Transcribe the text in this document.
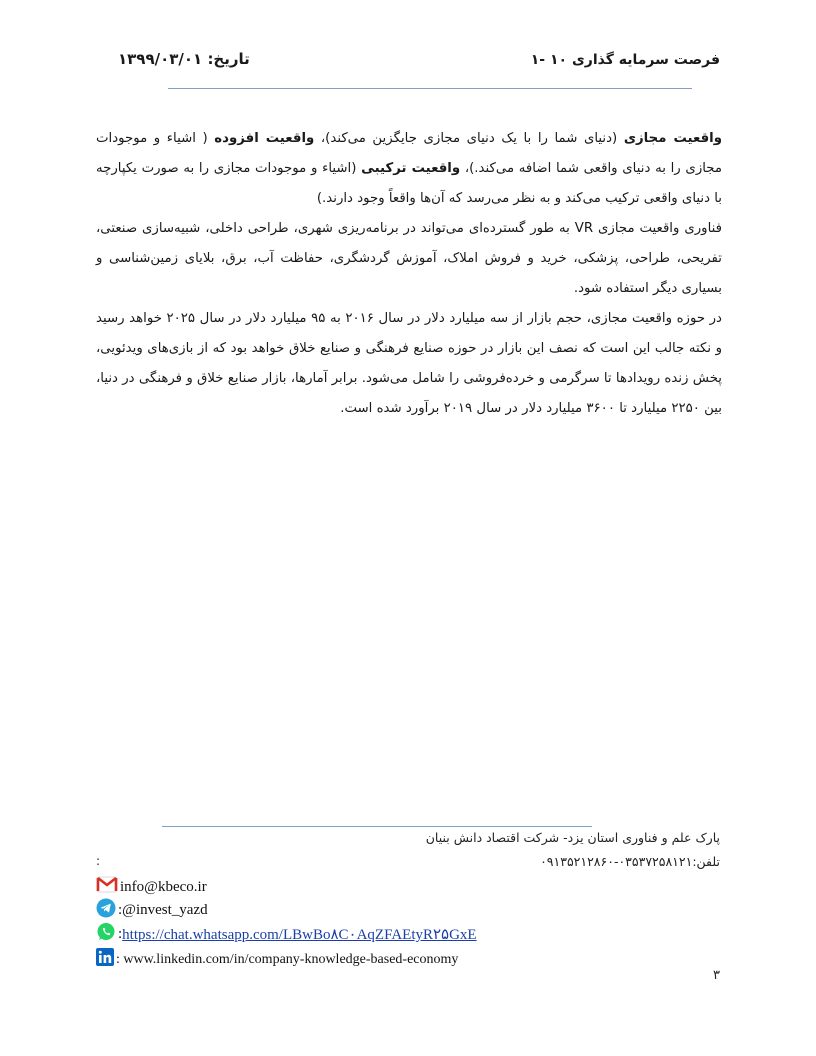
فرصت سرمایه گذاری ۱۰ -۱
تاریخ: ۱۳۹۹/۰۳/۰۱

واقعیت مجازی (دنیای شما را با یک دنیای مجازی جایگزین می‌کند)، واقعیت افزوده ( اشیاء و موجودات مجازی را به دنیای واقعی شما اضافه می‌کند.)، واقعیت ترکیبی (اشیاء و موجودات مجازی را به صورت یکپارچه با دنیای واقعی ترکیب می‌کند و به نظر می‌رسد که آن‌ها واقعاً وجود دارند.)

فناوری واقعیت مجازی VR به طور گسترده‌ای می‌تواند در برنامه‌ریزی شهری، طراحی داخلی، شبیه‌سازی صنعتی، تفریحی، طراحی، پزشکی، خرید و فروش املاک، آموزش گردشگری، حفاظت آب، برق، بلایای زمین‌شناسی و بسیاری دیگر استفاده شود.

در حوزه واقعیت مجازی، حجم بازار از سه میلیارد دلار در سال ۲۰۱۶ به ۹۵ میلیارد دلار در سال ۲۰۲۵ خواهد رسید و نکته جالب این است که نصف این بازار در حوزه صنایع فرهنگی و صنایع خلاق خواهد بود که از بازی‌های ویدئویی، پخش زنده رویدادها تا سرگرمی و خرده‌فروشی را شامل می‌شود. برابر آمارها، بازار صنایع خلاق و فرهنگی در دنیا، بین ۲۲۵۰ میلیارد تا ۳۶۰۰ میلیارد دلار در سال ۲۰۱۹ برآورد شده است.

پارک علم و فناوری استان یزد- شرکت اقتصاد دانش بنیان
تلفن:۰۳۵۳۷۲۵۸۱۲۱-۰۹۱۳۵۲۱۲۸۶۰
:
info@kbeco.ir
:@invest_yazd
: https://chat.whatsapp.com/LBwBo۸C۰AqZFAEtyR۲۵GxE
: www.linkedin.com/in/company-knowledge-based-economy
۳
